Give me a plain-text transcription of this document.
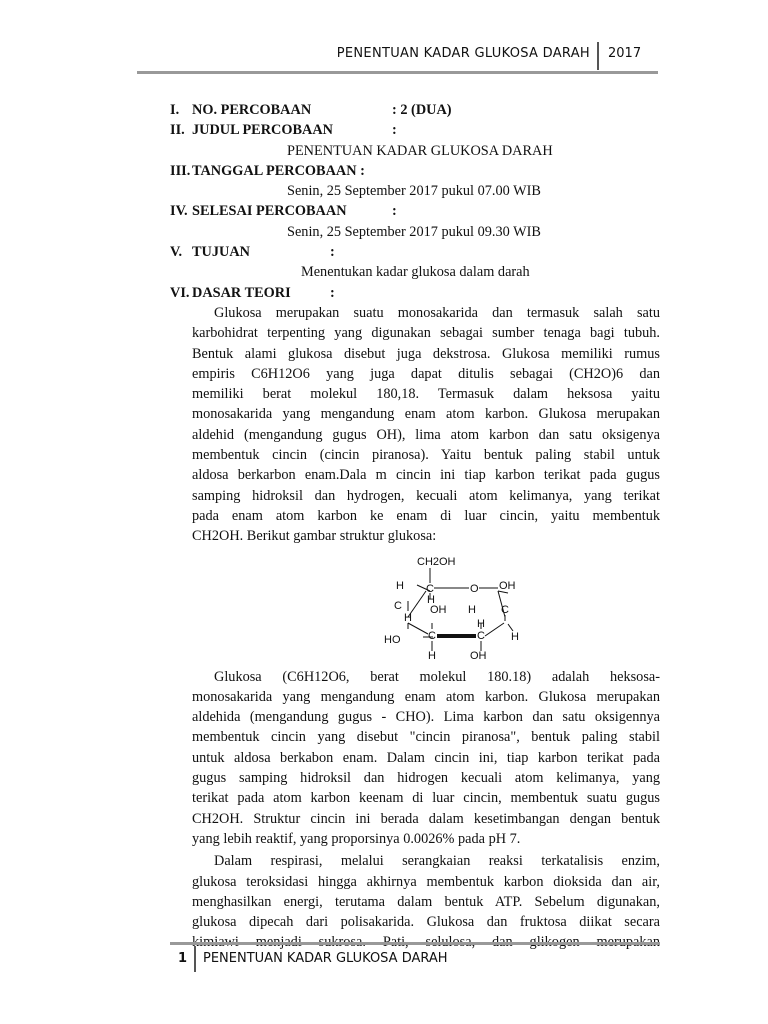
PENENTUAN KADAR GLUKOSA DARAH 2017
I. NO. PERCOBAAN	: 2 (DUA)
II. JUDUL PERCOBAAN	:
PENENTUAN KADAR GLUKOSA DARAH
III. TANGGAL PERCOBAAN :
Senin, 25 September 2017 pukul 07.00 WIB
IV. SELESAI PERCOBAAN	:
Senin, 25 September 2017 pukul 09.30 WIB
V. TUJUAN	:
Menentukan kadar glukosa dalam darah
VI. DASAR TEORI	:
Glukosa merupakan suatu monosakarida dan termasuk salah satu
karbohidrat terpenting yang digunakan sebagai sumber tenaga bagi tubuh.
Bentuk alami glukosa disebut juga dekstrosa. Glukosa memiliki rumus
empiris C6H12O6 yang juga dapat ditulis sebagai (CH2O)6 dan
memiliki berat molekul 180,18. Termasuk dalam heksosa yaitu
monosakarida yang mengandung enam atom karbon. Glukosa merupakan
aldehid (mengandung gugus OH), lima atom karbon dan satu oksigenya
membentuk cincin (cincin piranosa). Yaitu bentuk paling stabil untuk
aldosa berkarbon enam.Dala m cincin ini tiap karbon terikat pada gugus
samping hidroksil dan hydrogen, kecuali atom kelimanya, yang terikat
pada enam atom karbon ke enam di luar cincin, yaitu membentuk
CH2OH. Berikut gambar struktur glukosa:
CH2OH
H C	O OH
H
C	OH H C
H
HO	C	C H
H
H	OH
Glukosa (C6H12O6, berat molekul 180.18) adalah heksosa-
monosakarida yang mengandung enam atom karbon. Glukosa merupakan
aldehida (mengandung gugus - CHO). Lima karbon dan satu oksigennya
membentuk cincin yang disebut "cincin piranosa", bentuk paling stabil
untuk aldosa berkabon enam. Dalam cincin ini, tiap karbon terikat pada
gugus samping hidroksil dan hidrogen kecuali atom kelimanya, yang
terikat pada atom karbon keenam di luar cincin, membentuk suatu gugus
CH2OH. Struktur cincin ini berada dalam kesetimbangan dengan bentuk
yang lebih reaktif, yang proporsinya 0.0026% pada pH 7.
Dalam respirasi, melalui serangkaian reaksi terkatalisis enzim,
glukosa teroksidasi hingga akhirnya membentuk karbon dioksida dan air,
menghasilkan energi, terutama dalam bentuk ATP. Sebelum digunakan,
glukosa dipecah dari polisakarida. Glukosa dan fruktosa diikat secara
1 PENENTUAN KADAR GLUKOSA DARAH
